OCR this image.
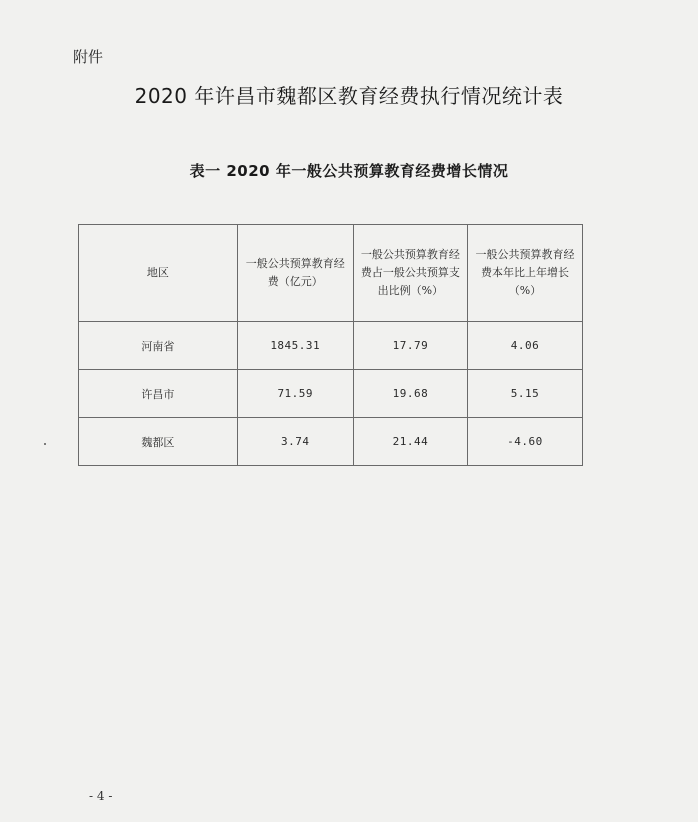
附件
2020 年许昌市魏都区教育经费执行情况统计表
表一 2020 年一般公共预算教育经费增长情况
地区	一般公共预算教育经费（亿元）	一般公共预算教育经费占一般公共预算支出比例（%）	一般公共预算教育经费本年比上年增长（%）
河南省	1845.31	17.79	4.06
许昌市	71.59	19.68	5.15
魏都区	3.74	21.44	-4.60
- 4 -
